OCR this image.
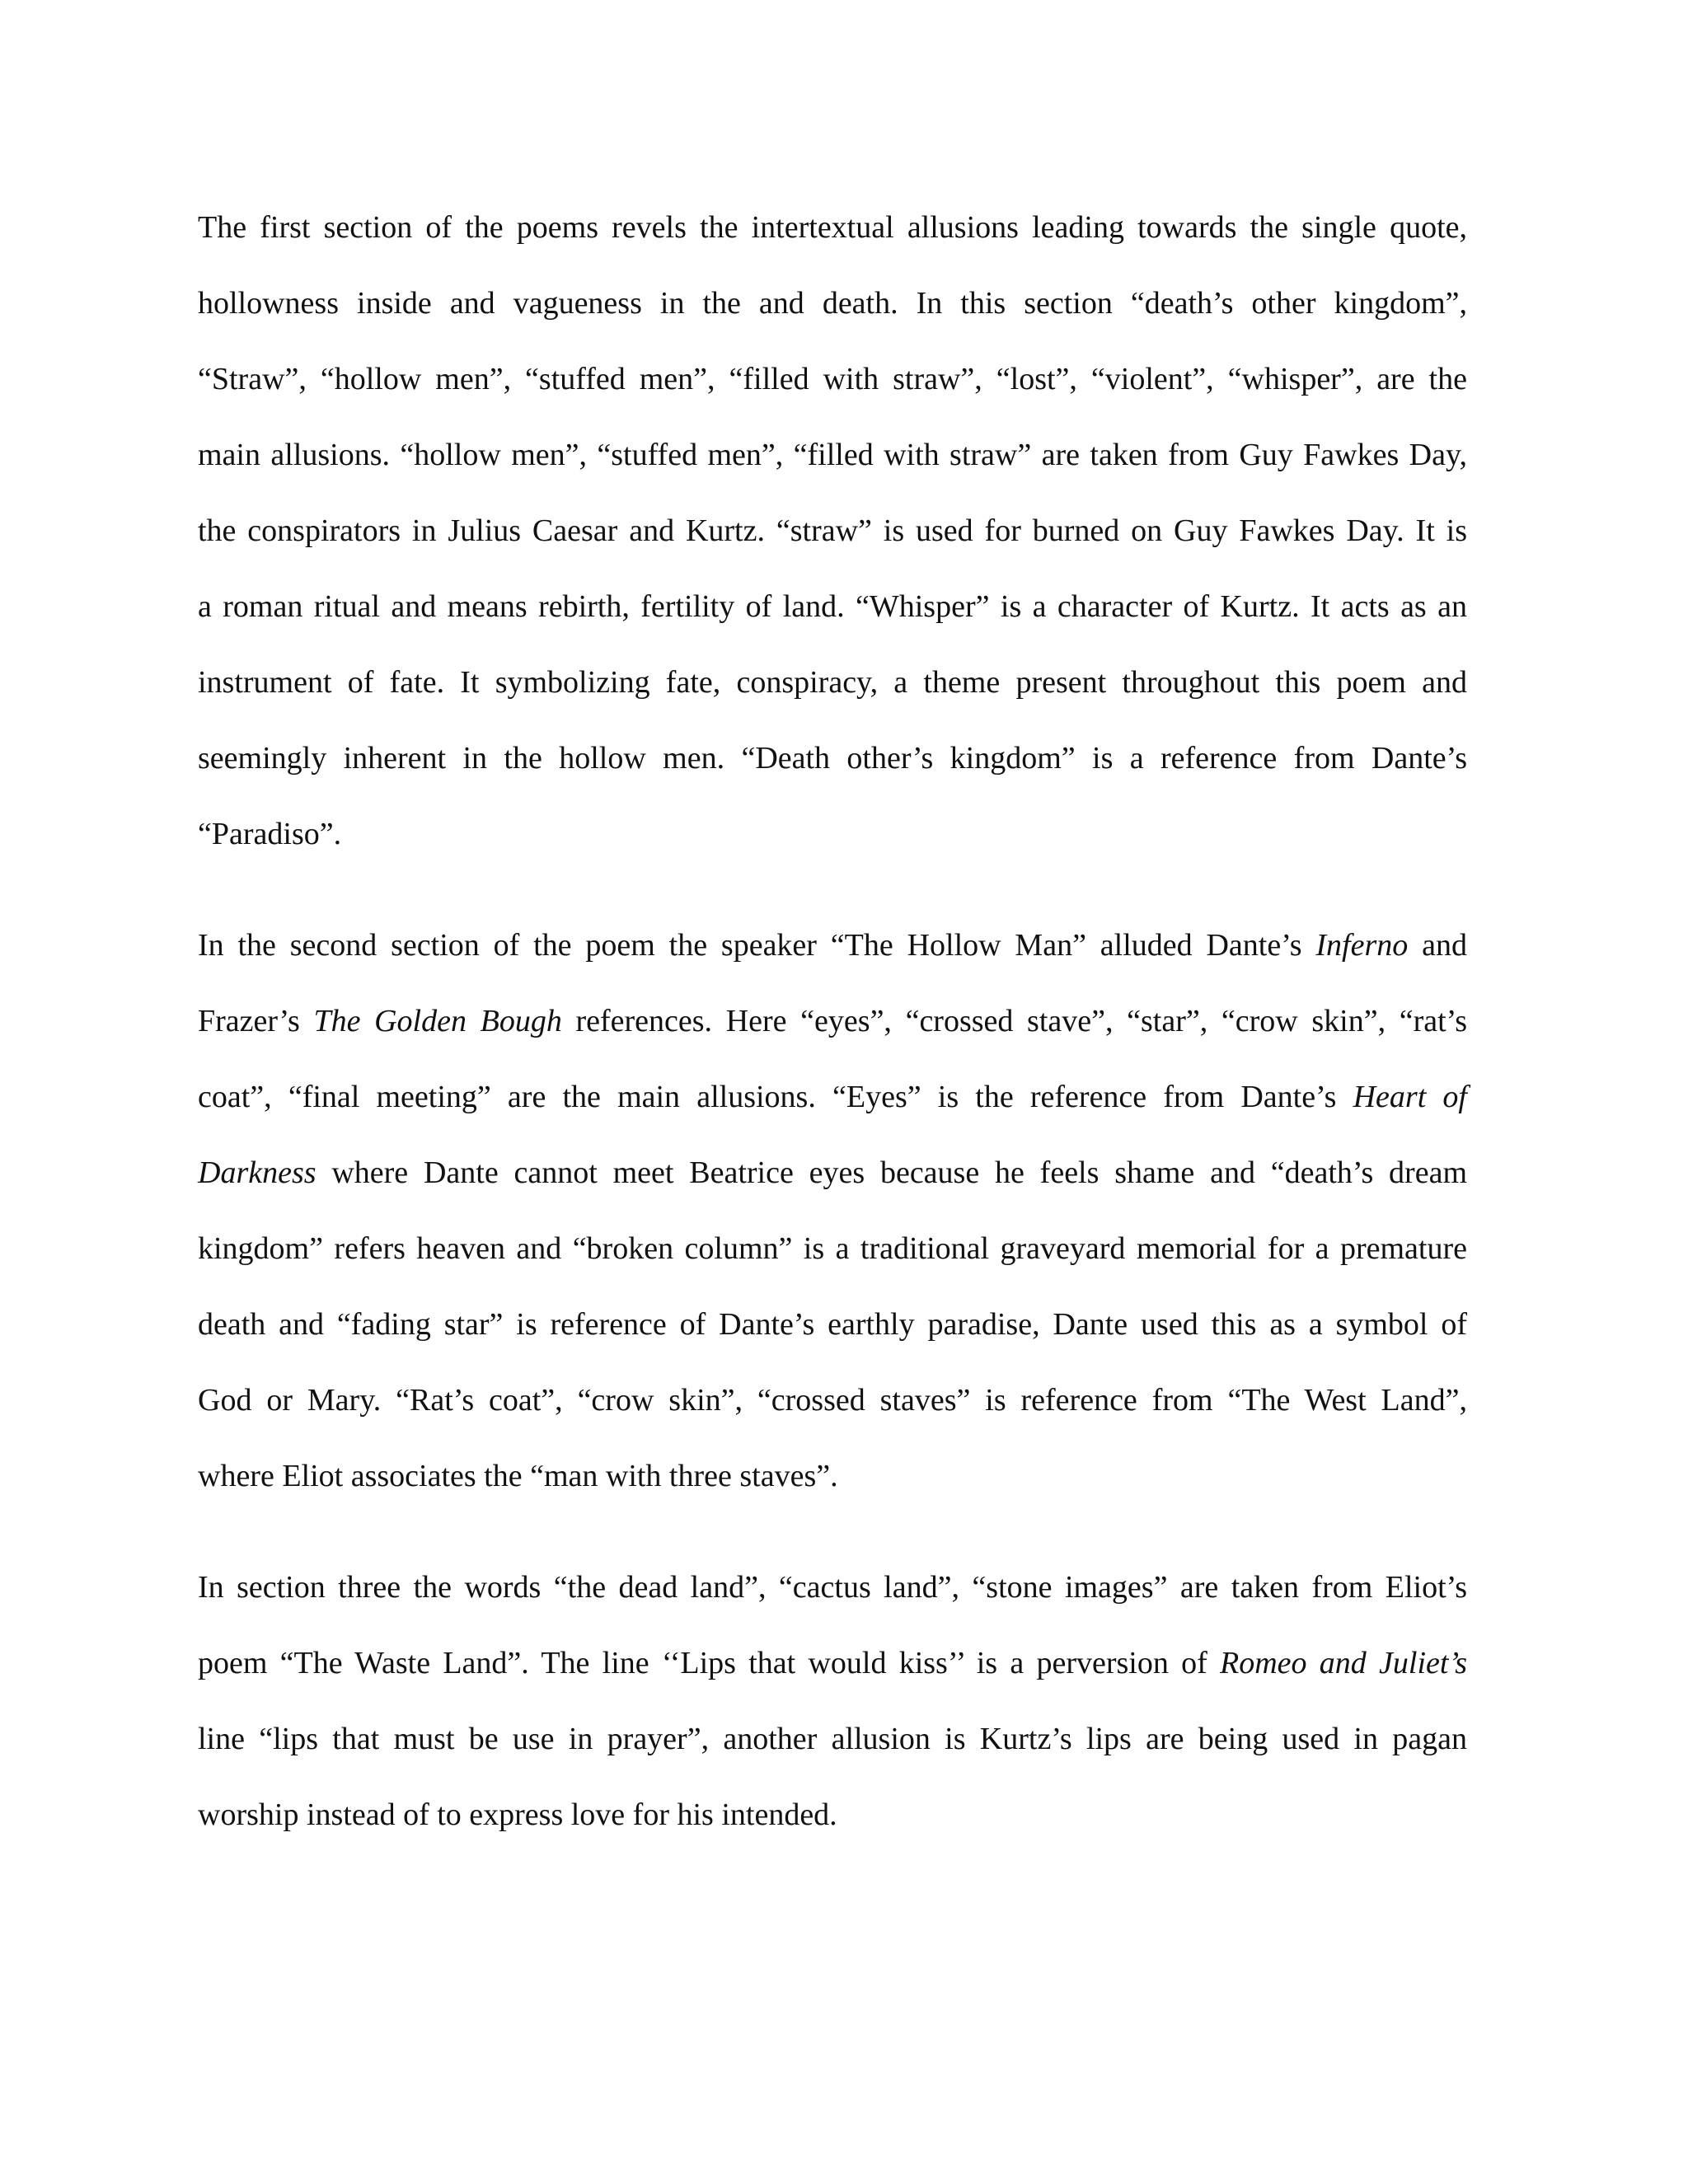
The first section of the poems revels the intertextual allusions leading towards the single quote,
hollowness inside and vagueness in the and death. In this section “death’s other kingdom”,
“Straw”, “hollow men”, “stuffed men”, “filled with straw”, “lost”, “violent”, “whisper”, are the
main allusions. “hollow men”, “stuffed men”, “filled with straw” are taken from Guy Fawkes Day,
the conspirators in Julius Caesar and Kurtz. “straw” is used for burned on Guy Fawkes Day. It is
a roman ritual and means rebirth, fertility of land. “Whisper” is a character of Kurtz. It acts as an
instrument of fate. It symbolizing fate, conspiracy, a theme present throughout this poem and
seemingly inherent in the hollow men. “Death other’s kingdom” is a reference from Dante’s
“Paradiso”.

In the second section of the poem the speaker “The Hollow Man” alluded Dante’s Inferno and
Frazer’s The Golden Bough references. Here “eyes”, “crossed stave”, “star”, “crow skin”, “rat’s
coat”, “final meeting” are the main allusions. “Eyes” is the reference from Dante’s Heart of
Darkness where Dante cannot meet Beatrice eyes because he feels shame and “death’s dream
kingdom” refers heaven and “broken column” is a traditional graveyard memorial for a premature
death and “fading star” is reference of Dante’s earthly paradise, Dante used this as a symbol of
God or Mary. “Rat’s coat”, “crow skin”, “crossed staves” is reference from “The West Land”,
where Eliot associates the “man with three staves”.

In section three the words “the dead land”, “cactus land”, “stone images” are taken from Eliot’s
poem “The Waste Land”. The line ‘‘Lips that would kiss’’ is a perversion of Romeo and Juliet’s
line “lips that must be use in prayer”, another allusion is Kurtz’s lips are being used in pagan
worship instead of to express love for his intended.
